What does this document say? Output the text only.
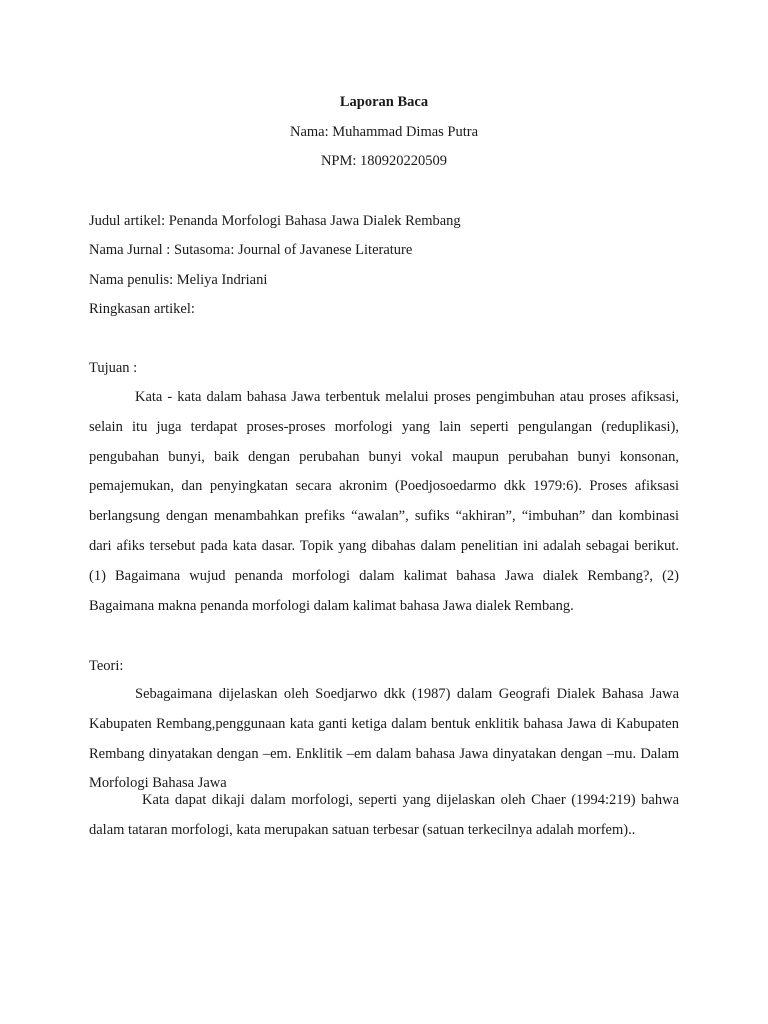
Laporan Baca
Nama: Muhammad Dimas Putra
NPM: 180920220509
Judul artikel: Penanda Morfologi Bahasa Jawa Dialek Rembang
Nama Jurnal : Sutasoma: Journal of Javanese Literature
Nama penulis: Meliya Indriani
Ringkasan artikel:
Tujuan :

Kata - kata dalam bahasa Jawa terbentuk melalui proses pengimbuhan atau proses afiksasi, selain itu juga terdapat proses-proses morfologi yang lain seperti pengulangan (reduplikasi), pengubahan bunyi, baik dengan perubahan bunyi vokal maupun perubahan bunyi konsonan, pemajemukan, dan penyingkatan secara akronim (Poedjosoedarmo dkk 1979:6). Proses afiksasi berlangsung dengan menambahkan prefiks “awalan”, sufiks “akhiran”, “imbuhan” dan kombinasi dari afiks tersebut pada kata dasar. Topik yang dibahas dalam penelitian ini adalah sebagai berikut. (1) Bagaimana wujud penanda morfologi dalam kalimat bahasa Jawa dialek Rembang?, (2) Bagaimana makna penanda morfologi dalam kalimat bahasa Jawa dialek Rembang.

Teori:

Sebagaimana dijelaskan oleh Soedjarwo dkk (1987) dalam Geografi Dialek Bahasa Jawa Kabupaten Rembang,penggunaan kata ganti ketiga dalam bentuk enklitik bahasa Jawa di Kabupaten Rembang dinyatakan dengan –em. Enklitik –em dalam bahasa Jawa dinyatakan dengan –mu. Dalam Morfologi Bahasa Jawa

Kata dapat dikaji dalam morfologi, seperti yang dijelaskan oleh Chaer (1994:219) bahwa dalam tataran morfologi, kata merupakan satuan terbesar (satuan terkecilnya adalah morfem)..
